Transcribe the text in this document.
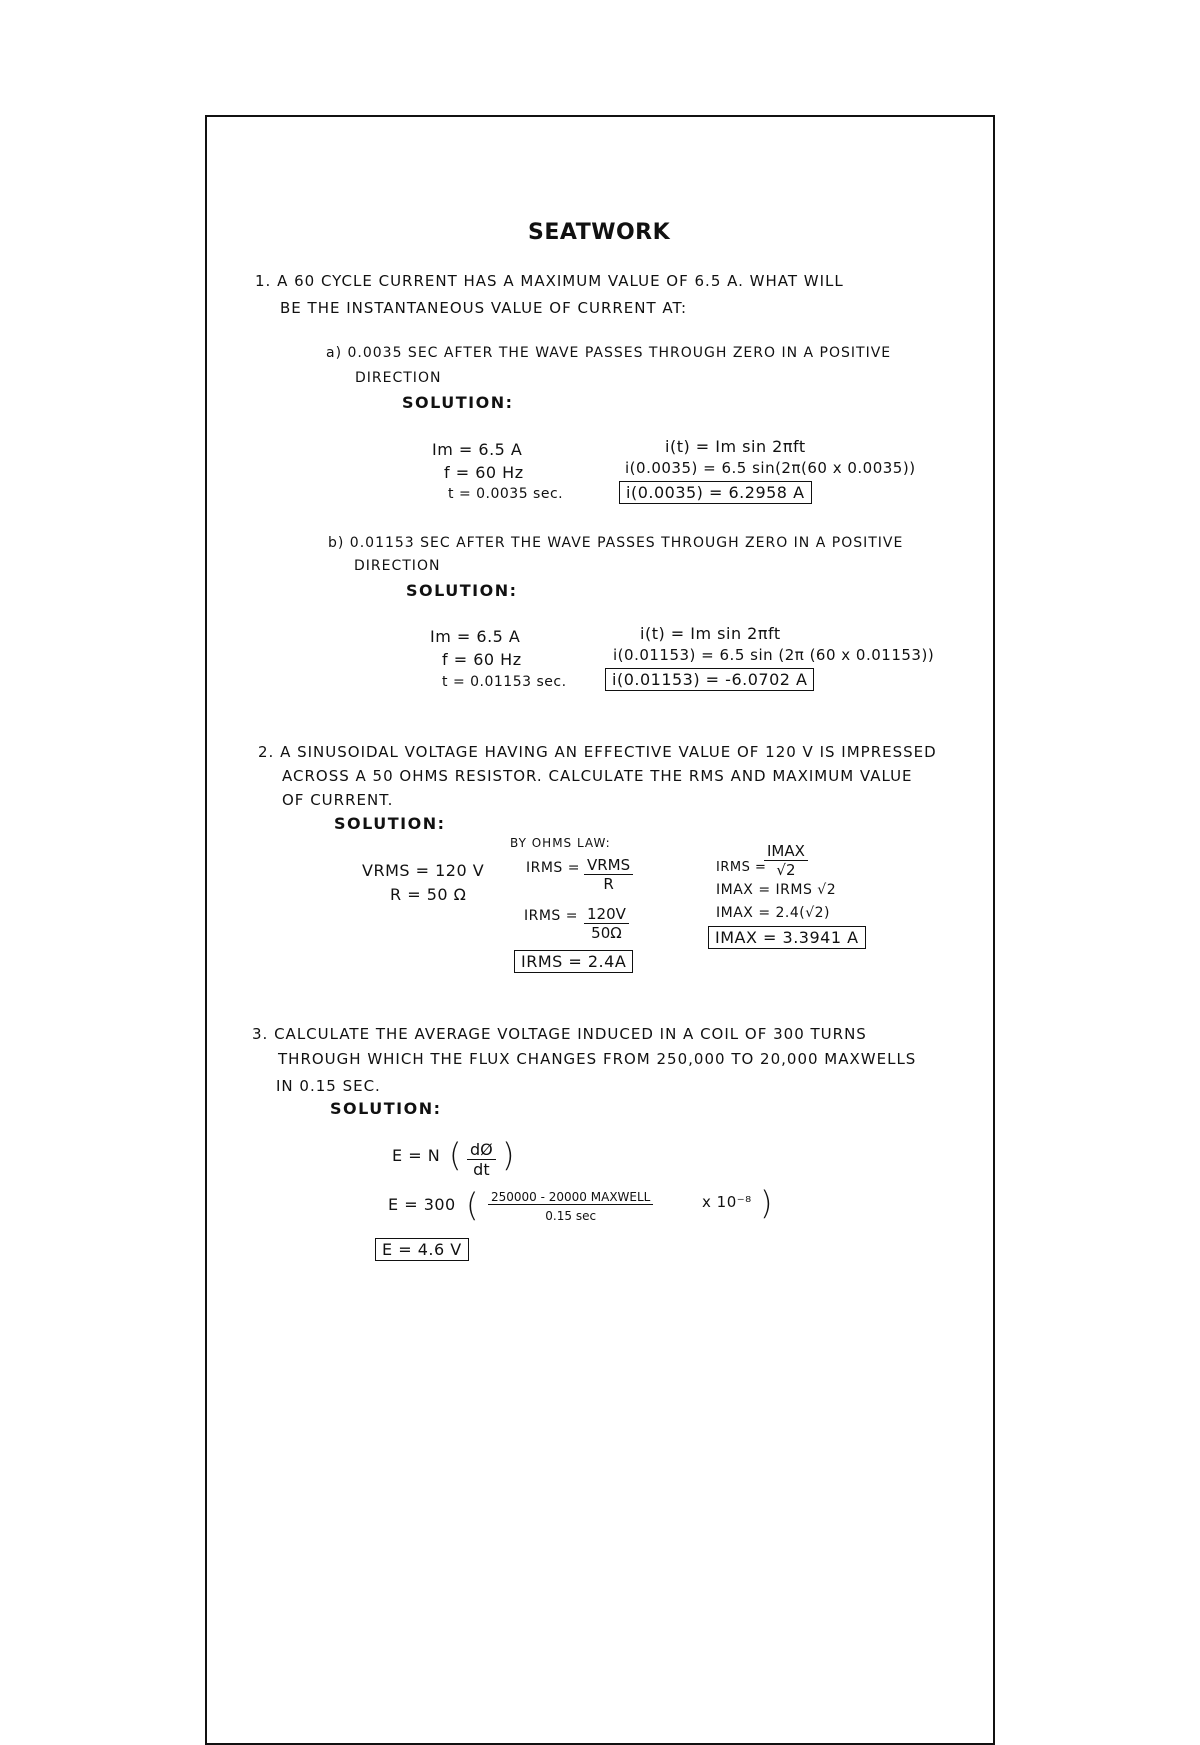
SEATWORK
1. A 60 CYCLE CURRENT HAS A MAXIMUM VALUE OF 6.5 A. WHAT WILL
BE THE INSTANTANEOUS VALUE OF CURRENT AT:
a) 0.0035 SEC AFTER THE WAVE PASSES THROUGH ZERO IN A POSITIVE
DIRECTION
SOLUTION:
Im = 6.5 A
f = 60 Hz
t = 0.0035 sec.
i(t) = Im sin 2πft
i(0.0035) = 6.5 sin(2π(60 x 0.0035))
i(0.0035) = 6.2958 A
b) 0.01153 SEC AFTER THE WAVE PASSES THROUGH ZERO IN A POSITIVE
DIRECTION
SOLUTION:
Im = 6.5 A
f = 60 Hz
t = 0.01153 sec.
i(t) = Im sin 2πft
i(0.01153) = 6.5 sin (2π (60 x 0.01153))
i(0.01153) = -6.0702 A
2. A SINUSOIDAL VOLTAGE HAVING AN EFFECTIVE VALUE OF 120 V IS IMPRESSED
ACROSS A 50 OHMS RESISTOR. CALCULATE THE RMS AND MAXIMUM VALUE
OF CURRENT.
SOLUTION:
VRMS = 120 V
R = 50 Ω
BY OHMS LAW:
IRMS = VRMS
R
IRMS = $\frac{120V}{50\Omega}$
IRMS = 2.4A
IRMS =
IMAX
√2
IMAX = IRMS √2
IMAX = 2.4(√2)
IMAX = 3.3941 A
3. CALCULATE THE AVERAGE VOLTAGE INDUCED IN A COIL OF 300 TURNS
THROUGH WHICH THE FLUX CHANGES FROM 250,000 TO 20,000 MAXWELLS
IN 0.15 SEC.
SOLUTION:
E = N ( $\frac{dØ}{dt}$ )
E = 300 ( 250000 - 20000 MAXWELL
0.15 sec
x 10⁻⁸ )
E = 4.6 V
